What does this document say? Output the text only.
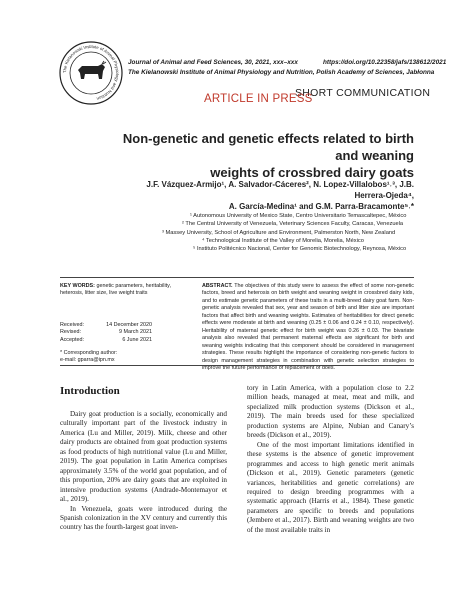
The Kielanowski Institute of Animal Physiology and Nutrition
Journal of Animal and Feed Sciences, 30, 2021, xxx–xxx	https://doi.org/10.22358/jafs/138612/2021
The Kielanowski Institute of Animal Physiology and Nutrition, Polish Academy of Sciences, Jabłonna
SHORT COMMUNICATION
ARTICLE IN PRESS
Non-genetic and genetic effects related to birth and weaning
weights of crossbred dairy goats
J.F. Vázquez-Armijo¹, A. Salvador-Cáceres², N. Lopez-Villalobos¹˒³, J.B. Herrera-Ojeda⁴,
A. García-Medina¹ and G.M. Parra-Bracamonte⁵˒*
¹ Autonomous University of Mexico State, Centro Universitario Temascaltepec, México
² The Central University of Venezuela, Veterinary Sciences Faculty, Caracas, Venezuela
³ Massey University, School of Agriculture and Environment, Palmerston North, New Zealand
⁴ Technological Institute of the Valley of Morelia, Morelia, México
⁵ Instituto Politécnico Nacional, Center for Genomic Biotechnology, Reynosa, México
KEY WORDS: genetic parameters, heritability, heterosis, litter size, live weight traits
Received:	14 December 2020
Revised:	9 March 2021
Accepted:	6 June 2021
* Corresponding author:
e-mail: gparra@ipn.mx
ABSTRACT. The objectives of this study were to assess the effect of some non-genetic factors, breed and heterosis on birth weight and weaning weight in crossbred dairy kids, and to estimate genetic parameters of these traits in a multi-breed dairy goat farm. Non-genetic analysis revealed that sex, year and season of birth and litter size are important factors that affect birth and weaning weights. Estimates of heritabilities for direct genetic effects were moderate at birth and weaning (0.25 ± 0.06 and 0.24 ± 0.10, respectively). Heritability of maternal genetic effect for birth weight was 0.26 ± 0.03. The bivariate analysis also revealed that permanent maternal effects are significant for birth and weaning weights indicating that this component should be considered in management strategies. These results highlight the importance of considering non-genetic factors to design management strategies in combination with genetic selection strategies to improve the future performance of replacement of does.
Introduction

Dairy goat production is a socially, economically and culturally important part of the livestock industry in America (Lu and Miller, 2019). Milk, cheese and other dairy products are obtained from goat production systems as food products of high nutritional value (Lu and Miller, 2019). The goat population in Latin America comprises approximately 3.5% of the world goat population, and of this proportion, 20% are dairy goats that are exploited in intensive production systems (Andrade-Montemayor et al., 2019).

In Venezuela, goats were introduced during the Spanish colonization in the XV century and currently this country has the fourth-largest goat inven-

tory in Latin America, with a population close to 2.2 million heads, managed at meat, meat and milk, and specialized milk production systems (Dickson et al., 2019). The main breeds used for these specialized production systems are Alpine, Nubian and Canary’s breeds (Dickson et al., 2019).

One of the most important limitations identified in these systems is the absence of genetic improvement programmes and access to high genetic merit animals (Dickson et al., 2019). Genetic parameters (genetic variances, heritabilities and genetic correlations) are required to design breeding programmes with a systematic approach (Harris et al., 1984). These genetic parameters are specific to breeds and populations (Jembere et al., 2017). Birth and weaning weights are two of the most available traits in
